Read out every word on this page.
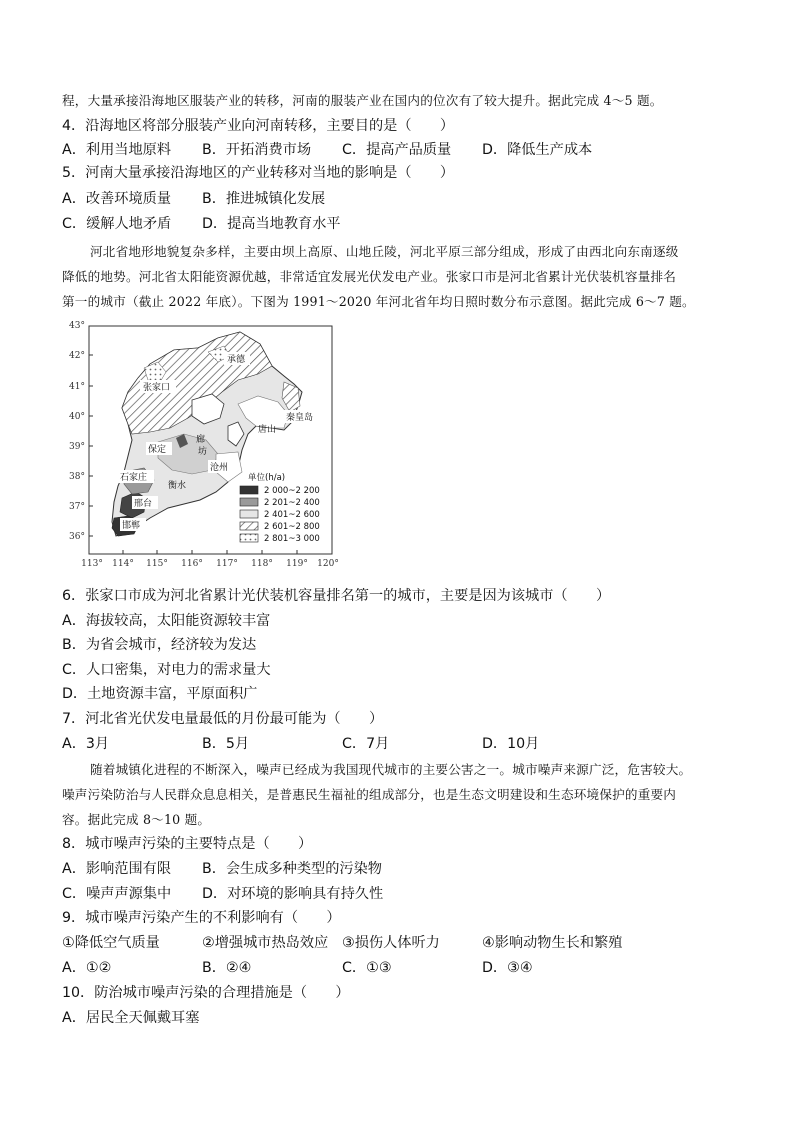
程，大量承接沿海地区服装产业的转移，河南的服装产业在国内的位次有了较大提升。据此完成 4～5 题。
4．沿海地区将部分服装产业向河南转移，主要目的是（　　）
A．利用当地原料 B．开拓消费市场 C．提高产品质量 D．降低生产成本
5．河南大量承接沿海地区的产业转移对当地的影响是（　　）
A．改善环境质量 B．推进城镇化发展
C．缓解人地矛盾 D．提高当地教育水平
河北省地形地貌复杂多样，主要由坝上高原、山地丘陵，河北平原三部分组成，形成了由西北向东南逐级
降低的地势。河北省太阳能资源优越，非常适宜发展光伏发电产业。张家口市是河北省累计光伏装机容量排名
第一的城市（截止 2022 年底）。下图为 1991～2020 年河北省年均日照时数分布示意图。据此完成 6～7 题。
43°
42°
41°
40°
39°
38°
37°
36°
113° 114° 115° 116° 117° 118° 119° 120°
承德
张家口
秦皇岛
唐山
保定
廊
坊
石家庄
沧州
衡水
邢台
邯郸
单位(h/a)
2 000~2 200
2 201~2 400
2 401~2 600
2 601~2 800
2 801~3 000
6．张家口市成为河北省累计光伏装机容量排名第一的城市，主要是因为该城市（　　）
A．海拔较高，太阳能资源较丰富
B．为省会城市，经济较为发达
C．人口密集，对电力的需求量大
D．土地资源丰富，平原面积广
7．河北省光伏发电量最低的月份最可能为（　　）
A．3月	B．5月	C．7月	D．10月
随着城镇化进程的不断深入，噪声已经成为我国现代城市的主要公害之一。城市噪声来源广泛，危害较大。
噪声污染防治与人民群众息息相关，是普惠民生福祉的组成部分，也是生态文明建设和生态环境保护的重要内
容。据此完成 8～10 题。
8．城市噪声污染的主要特点是（　　）
A．影响范围有限 B．会生成多种类型的污染物
C．噪声声源集中 D．对环境的影响具有持久性
9．城市噪声污染产生的不利影响有（　　）
①降低空气质量	②增强城市热岛效应 ③损伤人体听力	④影响动物生长和繁殖
A．①②	B．②④	C．①③	D．③④
10．防治城市噪声污染的合理措施是（　　）
A．居民全天佩戴耳塞
